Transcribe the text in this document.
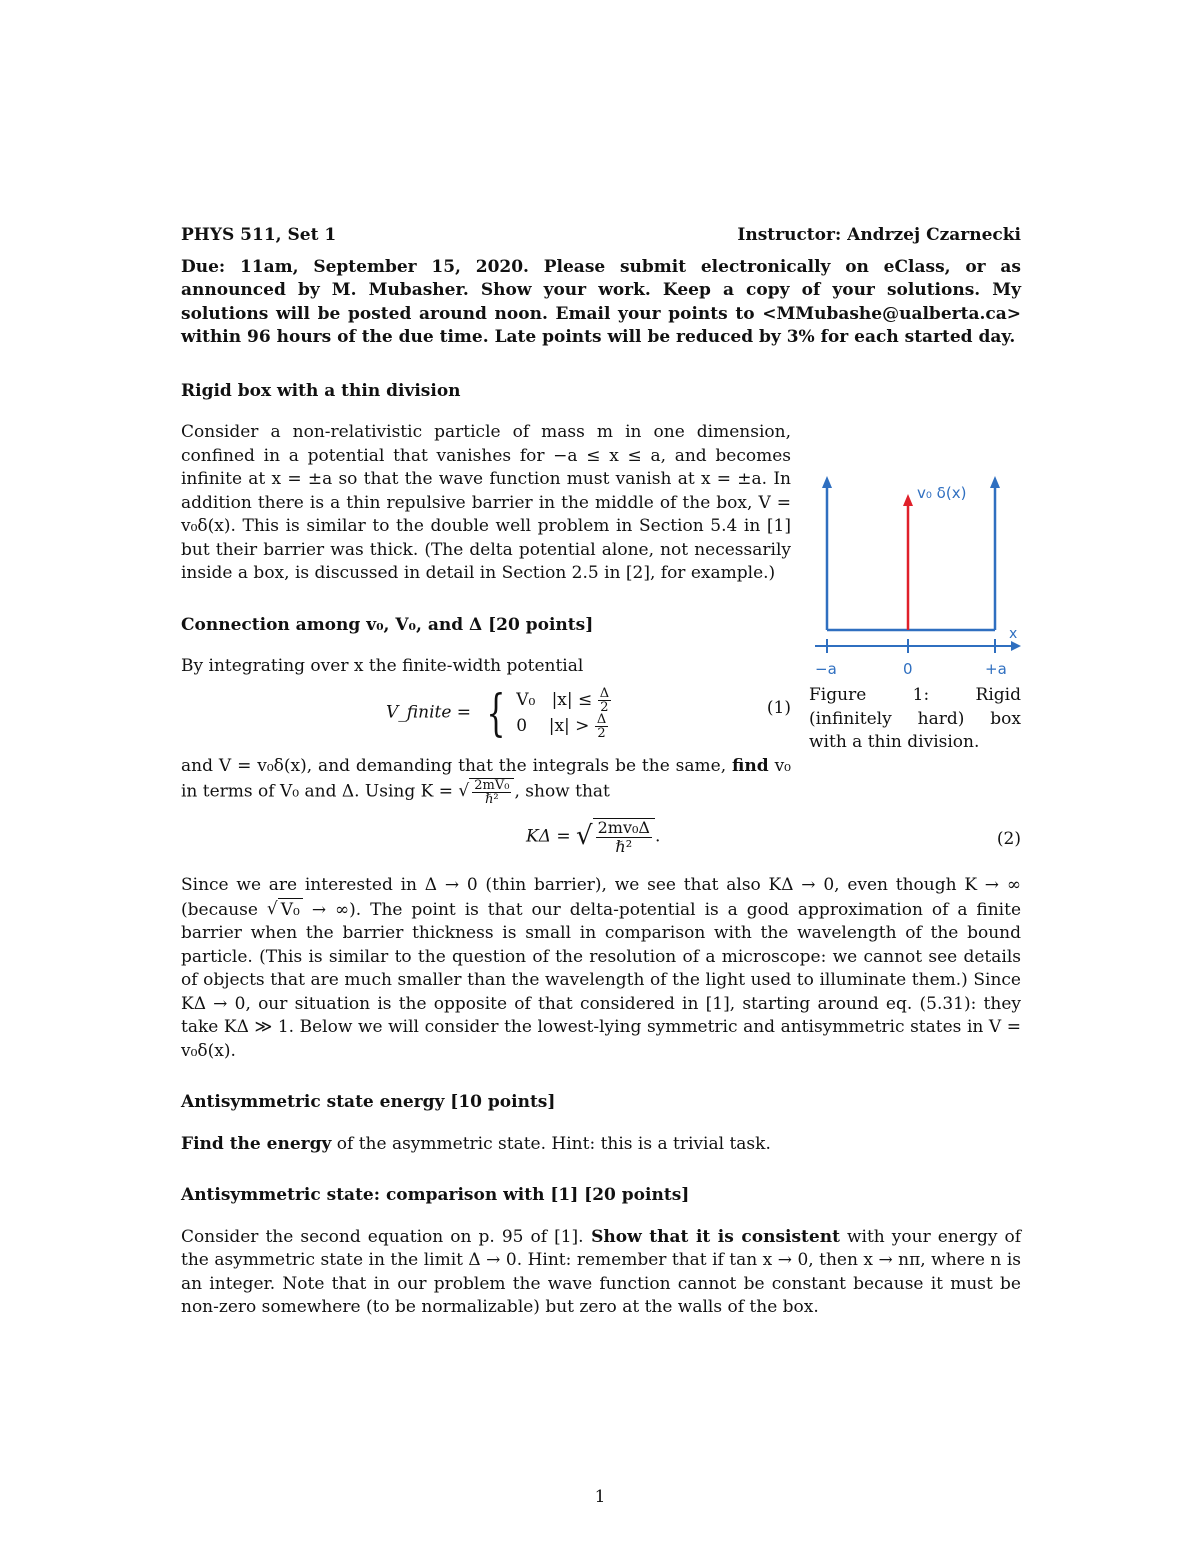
PHYS 511, Set 1	Instructor: Andrzej Czarnecki

Due: 11am, September 15, 2020. Please submit electronically on eClass, or as announced by M. Mubasher. Show your work. Keep a copy of your solutions. My solutions will be posted around noon. Email your points to <MMubashe@ualberta.ca> within 96 hours of the due time. Late points will be reduced by 3% for each started day.

Rigid box with a thin division

Consider a non-relativistic particle of mass m in one dimension, confined in a potential that vanishes for −a ≤ x ≤ a, and becomes infinite at x = ±a so that the wave function must vanish at x = ±a. In addition there is a thin repulsive barrier in the middle of the box, V = v₀δ(x). This is similar to the double well problem in Section 5.4 in [1] but their barrier was thick. (The delta potential alone, not necessarily inside a box, is discussed in detail in Section 2.5 in [2], for example.)

Connection among v₀, V₀, and Δ [20 points]

By integrating over x the finite-width potential

V_finite = { V₀ $|x| \le \frac{\Delta}{2}$
0 $|x| > \frac{\Delta}{2}$
(1)

and V = v₀δ(x), and demanding that the integrals be the same, find v₀ in terms of V₀ and Δ. Using K = √ $\frac{\text{2mV₀}}{\text{ℏ²}}$ , show that

KΔ = √ $\frac{\text{2mv₀Δ}}{\text{ℏ²}}$ .	(2)

Since we are interested in Δ → 0 (thin barrier), we see that also KΔ → 0, even though K → ∞ (because √ V₀ → ∞). The point is that our delta-potential is a good approximation of a finite barrier when the barrier thickness is small in comparison with the wavelength of the bound particle. (This is similar to the question of the resolution of a microscope: we cannot see details of objects that are much smaller than the wavelength of the light used to illuminate them.) Since KΔ → 0, our situation is the opposite of that considered in [1], starting around eq. (5.31): they take KΔ ≫ 1. Below we will consider the lowest-lying symmetric and antisymmetric states in V = v₀δ(x).

Antisymmetric state energy [10 points]

Find the energy of the asymmetric state. Hint: this is a trivial task.

Antisymmetric state: comparison with [1] [20 points]

Consider the second equation on p. 95 of [1]. Show that it is consistent with your energy of the asymmetric state in the limit Δ → 0. Hint: remember that if tan x → 0, then x → nπ, where n is an integer. Note that in our problem the wave function cannot be constant because it must be non-zero somewhere (to be normalizable) but zero at the walls of the box.

v₀ δ(x)
x
−a	0	+a

Figure 1: Rigid (infinitely hard) box with a thin division.

1
